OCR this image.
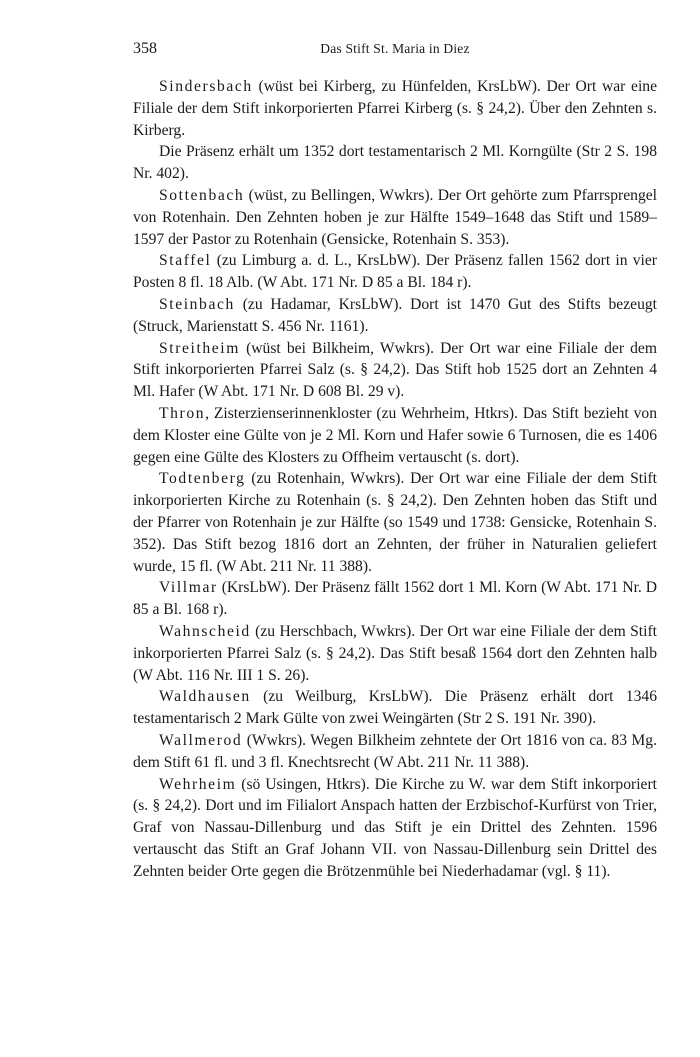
358	Das Stift St. Maria in Diez

Sindersbach (wüst bei Kirberg, zu Hünfelden, KrsLbW). Der Ort war eine Filiale der dem Stift inkorporierten Pfarrei Kirberg (s. § 24,2). Über den Zehnten s. Kirberg.

Die Präsenz erhält um 1352 dort testamentarisch 2 Ml. Korngülte (Str 2 S. 198 Nr. 402).

Sottenbach (wüst, zu Bellingen, Wwkrs). Der Ort gehörte zum Pfarrsprengel von Rotenhain. Den Zehnten hoben je zur Hälfte 1549–1648 das Stift und 1589–1597 der Pastor zu Rotenhain (Gensicke, Rotenhain S. 353).

Staffel (zu Limburg a. d. L., KrsLbW). Der Präsenz fallen 1562 dort in vier Posten 8 fl. 18 Alb. (W Abt. 171 Nr. D 85 a Bl. 184 r).

Steinbach (zu Hadamar, KrsLbW). Dort ist 1470 Gut des Stifts bezeugt (Struck, Marienstatt S. 456 Nr. 1161).

Streitheim (wüst bei Bilkheim, Wwkrs). Der Ort war eine Filiale der dem Stift inkorporierten Pfarrei Salz (s. § 24,2). Das Stift hob 1525 dort an Zehnten 4 Ml. Hafer (W Abt. 171 Nr. D 608 Bl. 29 v).

Thron, Zisterzienserinnenkloster (zu Wehrheim, Htkrs). Das Stift bezieht von dem Kloster eine Gülte von je 2 Ml. Korn und Hafer sowie 6 Turnosen, die es 1406 gegen eine Gülte des Klosters zu Offheim vertauscht (s. dort).

Todtenberg (zu Rotenhain, Wwkrs). Der Ort war eine Filiale der dem Stift inkorporierten Kirche zu Rotenhain (s. § 24,2). Den Zehnten hoben das Stift und der Pfarrer von Rotenhain je zur Hälfte (so 1549 und 1738: Gensicke, Rotenhain S. 352). Das Stift bezog 1816 dort an Zehnten, der früher in Naturalien geliefert wurde, 15 fl. (W Abt. 211 Nr. 11 388).

Villmar (KrsLbW). Der Präsenz fällt 1562 dort 1 Ml. Korn (W Abt. 171 Nr. D 85 a Bl. 168 r).

Wahnscheid (zu Herschbach, Wwkrs). Der Ort war eine Filiale der dem Stift inkorporierten Pfarrei Salz (s. § 24,2). Das Stift besaß 1564 dort den Zehnten halb (W Abt. 116 Nr. III 1 S. 26).

Waldhausen (zu Weilburg, KrsLbW). Die Präsenz erhält dort 1346 testamentarisch 2 Mark Gülte von zwei Weingärten (Str 2 S. 191 Nr. 390).

Wallmerod (Wwkrs). Wegen Bilkheim zehntete der Ort 1816 von ca. 83 Mg. dem Stift 61 fl. und 3 fl. Knechtsrecht (W Abt. 211 Nr. 11 388).

Wehrheim (sö Usingen, Htkrs). Die Kirche zu W. war dem Stift inkorporiert (s. § 24,2). Dort und im Filialort Anspach hatten der Erzbischof-Kurfürst von Trier, Graf von Nassau-Dillenburg und das Stift je ein Drittel des Zehnten. 1596 vertauscht das Stift an Graf Johann VII. von Nassau-Dillenburg sein Drittel des Zehnten beider Orte gegen die Brötzenmühle bei Niederhadamar (vgl. § 11).
